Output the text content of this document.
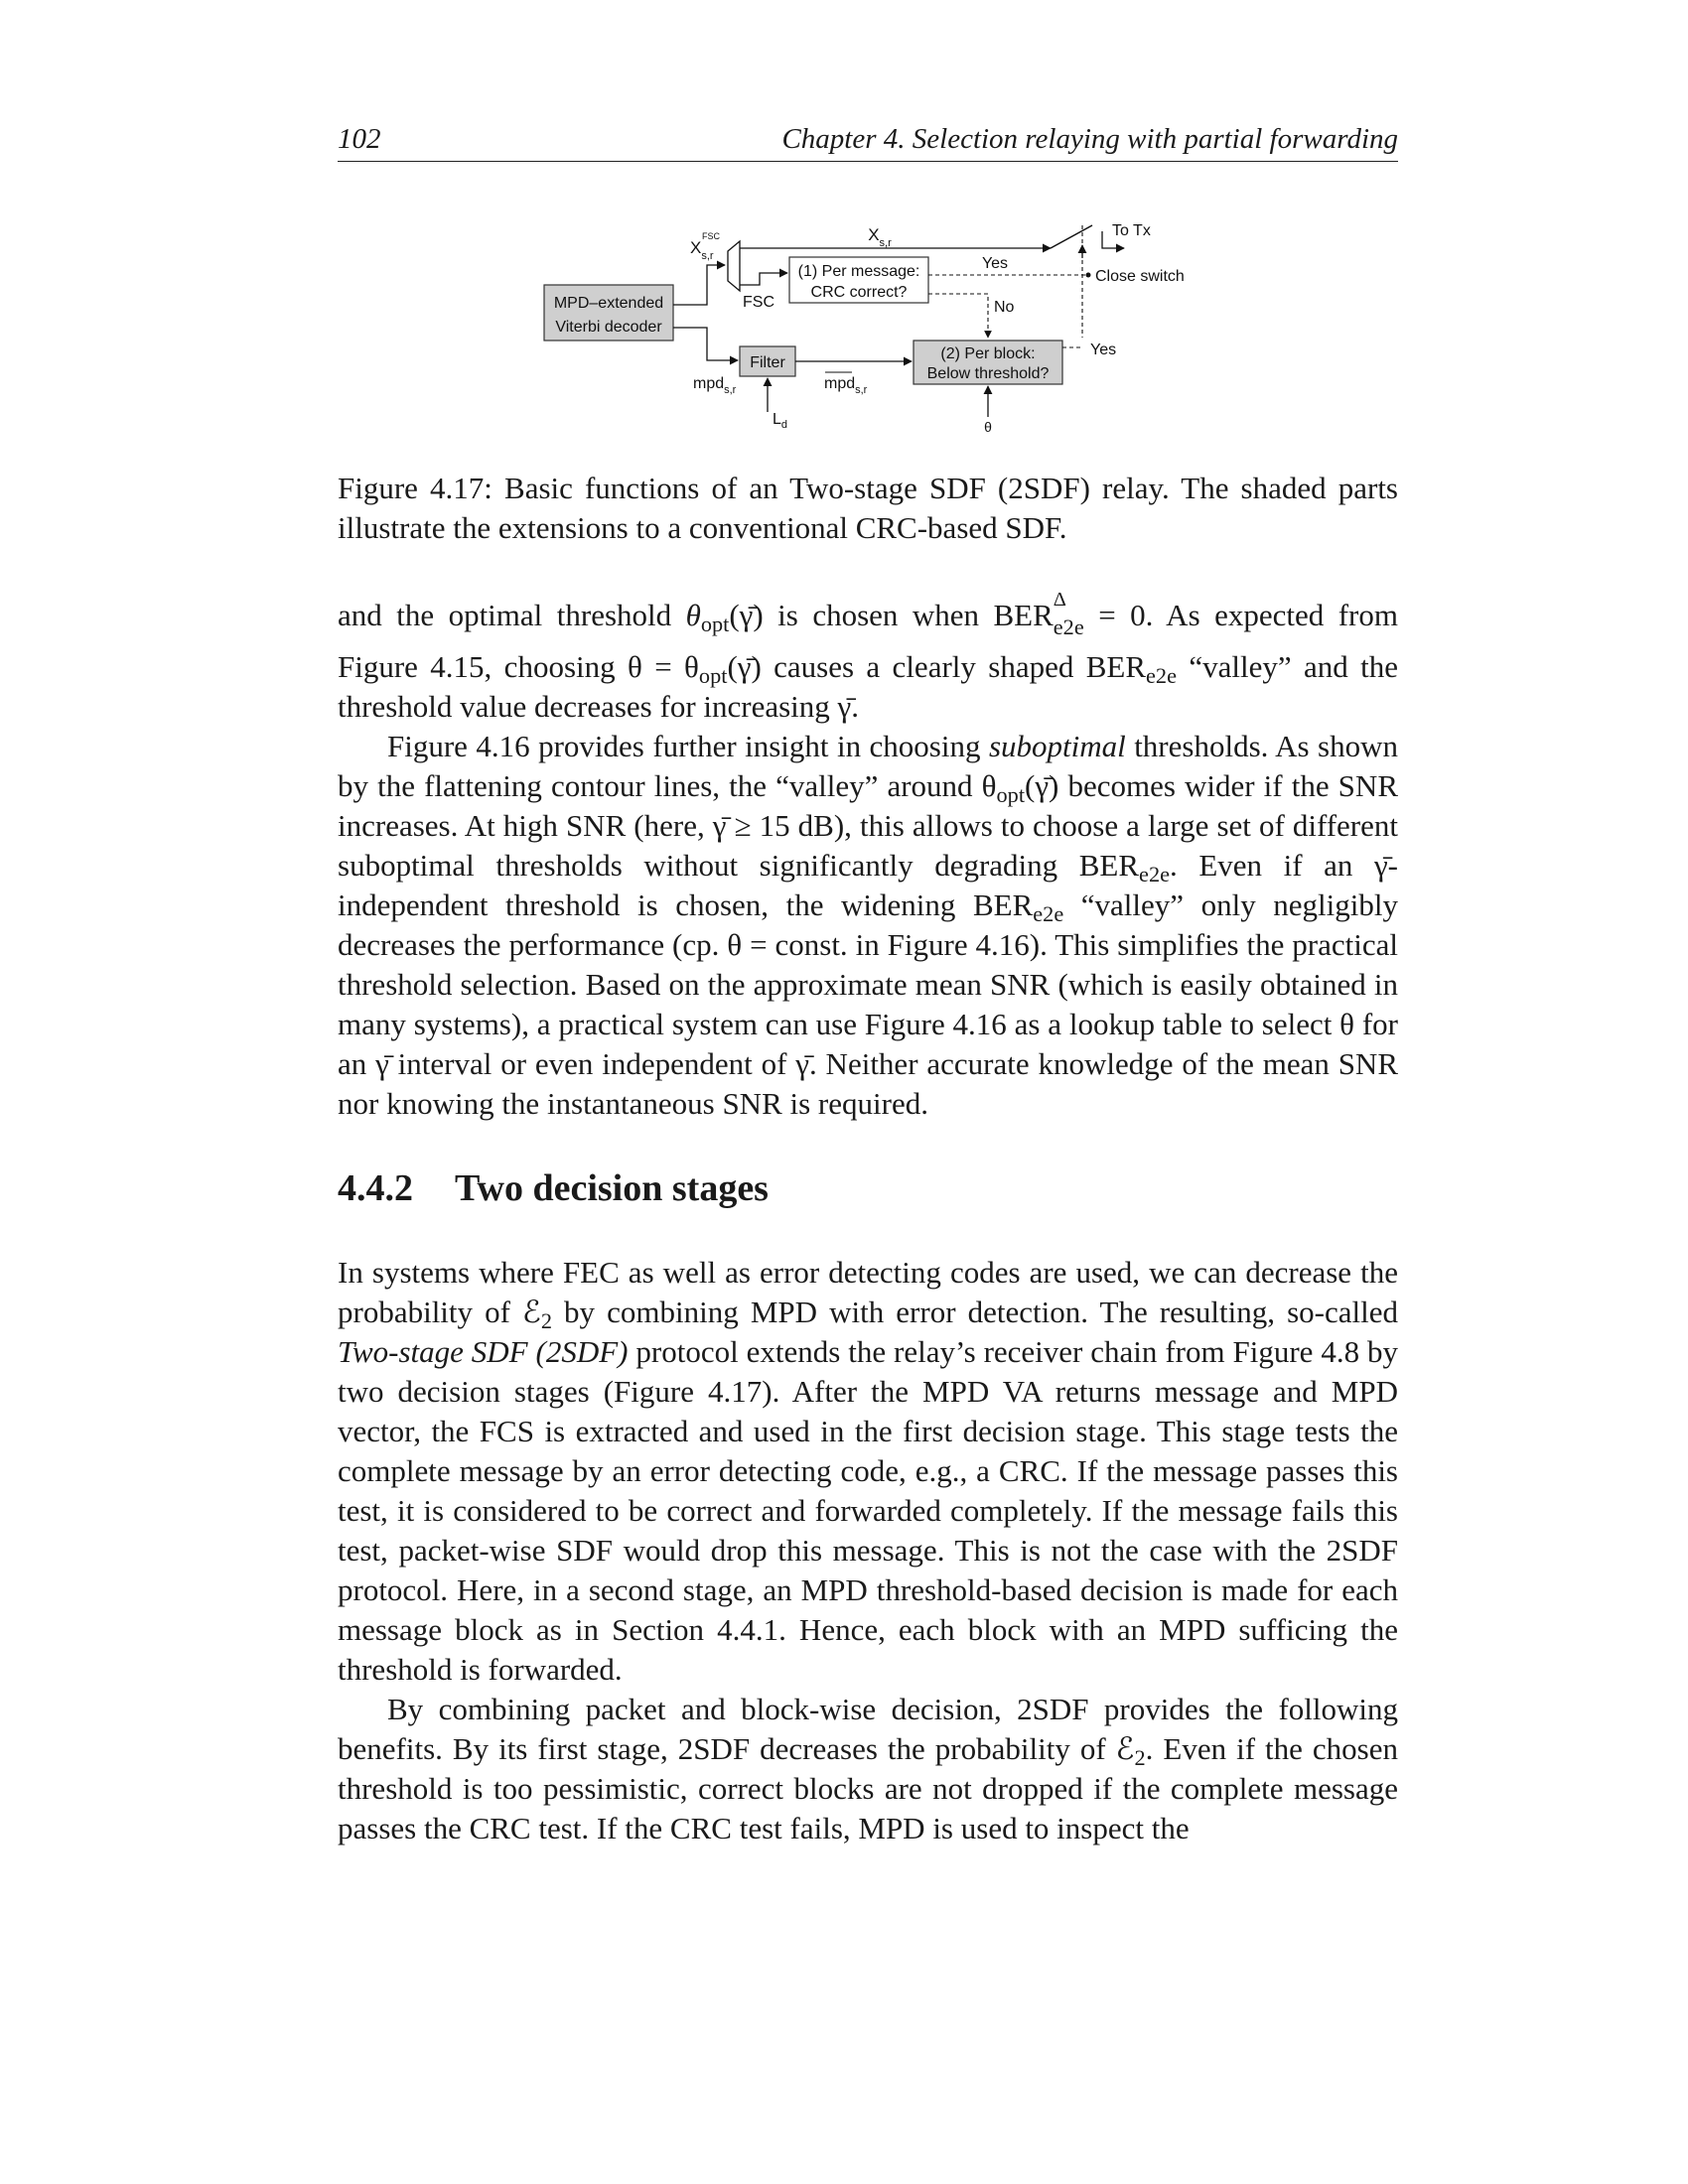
102	Chapter 4. Selection relaying with partial forwarding
MPD–extended
Viterbi decoder
$X_{s,r}$
FSC	$X_{s,r}$
FSC
(1) Per message:
CRC correct?
Yes
Close switch
No
To Tx
mpd$_{s,r}$
Filter
$L_d$
mpd$_{s,r}$
(2) Per block:
Below threshold?
Yes
θ

Figure 4.17: Basic functions of an Two-stage SDF (2SDF) relay. The shaded parts illustrate the extensions to a conventional CRC-based SDF.

and the optimal threshold $\theta_{opt}(\gammā)$ is chosen when BER Δ
$_{e2e}$ = 0. As expected from Figure 4.15, choosing $\theta = \theta_{opt}(\gammā)$ causes a clearly shaped $BER_{e2e}$ “valley” and the threshold value decreases for increasing γ̄.

Figure 4.16 provides further insight in choosing suboptimal thresholds. As shown by the flattening contour lines, the “valley” around $\theta_{opt}(\gammā)$ becomes wider if the SNR increases. At high SNR (here, γ̄ ≥ 15 dB), this allows to choose a large set of different suboptimal thresholds without significantly degrading $BER_{e2e}$. Even if an γ̄-independent threshold is chosen, the widening $BER_{e2e}$ “valley” only negligibly decreases the performance (cp. θ = const. in Figure 4.16). This simplifies the practical threshold selection. Based on the approximate mean SNR (which is easily obtained in many systems), a practical system can use Figure 4.16 as a lookup table to select θ for an γ̄ interval or even independent of γ̄. Neither accurate knowledge of the mean SNR nor knowing the instantaneous SNR is required.

4.4.2 Two decision stages

In systems where FEC as well as error detecting codes are used, we can decrease the probability of ℰ$_2$ by combining MPD with error detection. The resulting, so-called Two-stage SDF (2SDF) protocol extends the relay’s receiver chain from Figure 4.8 by two decision stages (Figure 4.17). After the MPD VA returns message and MPD vector, the FCS is extracted and used in the first decision stage. This stage tests the complete message by an error detecting code, e.g., a CRC. If the message passes this test, it is considered to be correct and forwarded completely. If the message fails this test, packet-wise SDF would drop this message. This is not the case with the 2SDF protocol. Here, in a second stage, an MPD threshold-based decision is made for each message block as in Section 4.4.1. Hence, each block with an MPD sufficing the threshold is forwarded.

By combining packet and block-wise decision, 2SDF provides the following benefits. By its first stage, 2SDF decreases the probability of ℰ$_2$. Even if the chosen threshold is too pessimistic, correct blocks are not dropped if the complete message passes the CRC test. If the CRC test fails, MPD is used to inspect the
